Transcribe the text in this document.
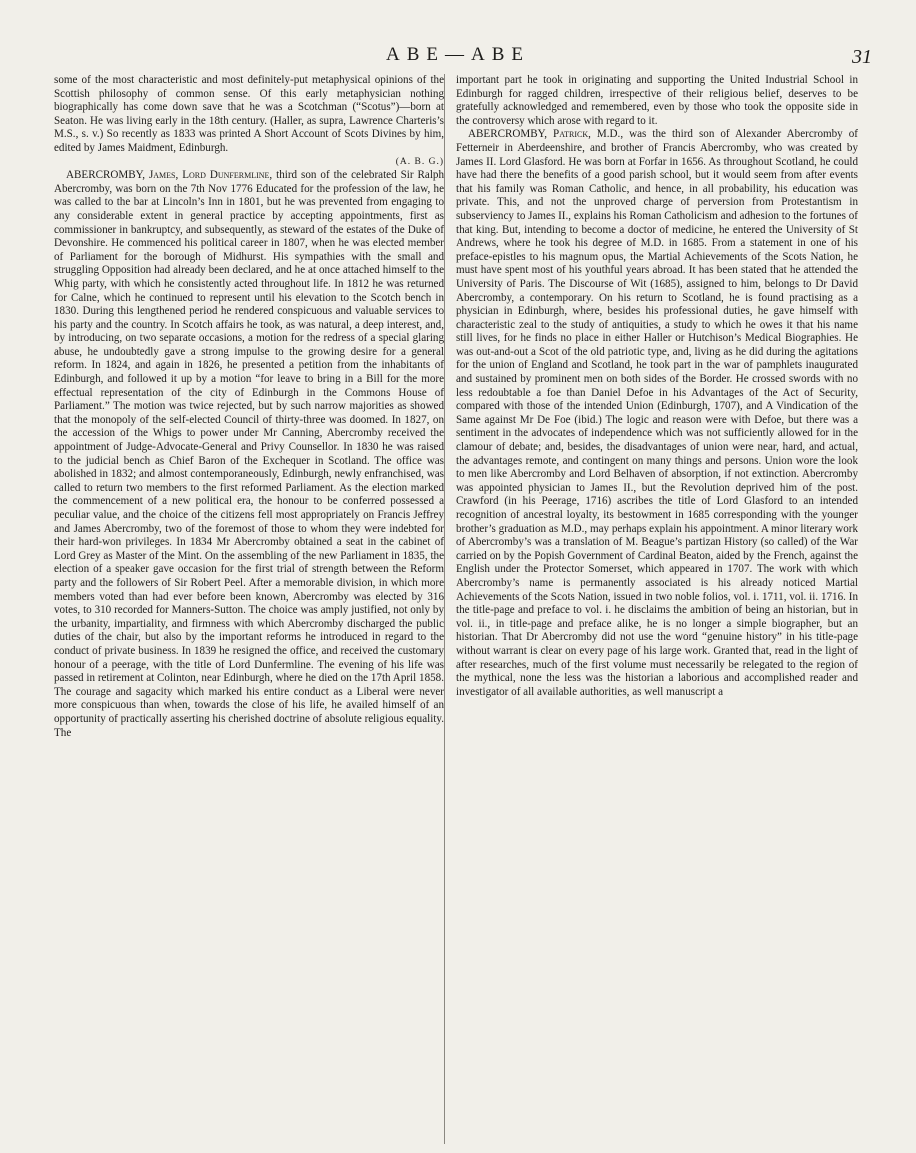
ABE—ABE	31

some of the most characteristic and most definitely-put metaphysical opinions of the Scottish philosophy of common sense. Of this early metaphysician nothing biographically has come down save that he was a Scotchman (“Scotus”)—born at Seaton. He was living early in the 18th century. (Haller, as supra, Lawrence Charteris’s M.S., s. v.) So recently as 1833 was printed A Short Account of Scots Divines by him, edited by James Maidment, Edinburgh.

(A. B. G.)

ABERCROMBY, James, Lord Dunfermline, third son of the celebrated Sir Ralph Abercromby, was born on the 7th Nov 1776 Educated for the profession of the law, he was called to the bar at Lincoln’s Inn in 1801, but he was prevented from engaging to any considerable extent in general practice by accepting appointments, first as commissioner in bankruptcy, and subsequently, as steward of the estates of the Duke of Devonshire. He commenced his political career in 1807, when he was elected member of Parliament for the borough of Midhurst. His sympathies with the small and struggling Opposition had already been declared, and he at once attached himself to the Whig party, with which he consistently acted throughout life. In 1812 he was returned for Calne, which he continued to represent until his elevation to the Scotch bench in 1830. During this lengthened period he rendered conspicuous and valuable services to his party and the country. In Scotch affairs he took, as was natural, a deep interest, and, by introducing, on two separate occasions, a motion for the redress of a special glaring abuse, he undoubtedly gave a strong impulse to the growing desire for a general reform. In 1824, and again in 1826, he presented a petition from the inhabitants of Edinburgh, and followed it up by a motion “for leave to bring in a Bill for the more effectual representation of the city of Edinburgh in the Commons House of Parliament.” The motion was twice rejected, but by such narrow majorities as showed that the monopoly of the self-elected Council of thirty-three was doomed. In 1827, on the accession of the Whigs to power under Mr Canning, Abercromby received the appointment of Judge-Advocate-General and Privy Counsellor. In 1830 he was raised to the judicial bench as Chief Baron of the Exchequer in Scotland. The office was abolished in 1832; and almost contemporaneously, Edinburgh, newly enfranchised, was called to return two members to the first reformed Parliament. As the election marked the commencement of a new political era, the honour to be conferred possessed a peculiar value, and the choice of the citizens fell most appropriately on Francis Jeffrey and James Abercromby, two of the foremost of those to whom they were indebted for their hard-won privileges. In 1834 Mr Abercromby obtained a seat in the cabinet of Lord Grey as Master of the Mint. On the assembling of the new Parliament in 1835, the election of a speaker gave occasion for the first trial of strength between the Reform party and the followers of Sir Robert Peel. After a memorable division, in which more members voted than had ever before been known, Abercromby was elected by 316 votes, to 310 recorded for Manners-Sutton. The choice was amply justified, not only by the urbanity, impartiality, and firmness with which Abercromby discharged the public duties of the chair, but also by the important reforms he introduced in regard to the conduct of private business. In 1839 he resigned the office, and received the customary honour of a peerage, with the title of Lord Dunfermline. The evening of his life was passed in retirement at Colinton, near Edinburgh, where he died on the 17th April 1858. The courage and sagacity which marked his entire conduct as a Liberal were never more conspicuous than when, towards the close of his life, he availed himself of an opportunity of practically asserting his cherished doctrine of absolute religious equality. The

important part he took in originating and supporting the United Industrial School in Edinburgh for ragged children, irrespective of their religious belief, deserves to be gratefully acknowledged and remembered, even by those who took the opposite side in the controversy which arose with regard to it.

ABERCROMBY, Patrick, M.D., was the third son of Alexander Abercromby of Fetterneir in Aberdeenshire, and brother of Francis Abercromby, who was created by James II. Lord Glasford. He was born at Forfar in 1656. As throughout Scotland, he could have had there the benefits of a good parish school, but it would seem from after events that his family was Roman Catholic, and hence, in all probability, his education was private. This, and not the unproved charge of perversion from Protestantism in subserviency to James II., explains his Roman Catholicism and adhesion to the fortunes of that king. But, intending to become a doctor of medicine, he entered the University of St Andrews, where he took his degree of M.D. in 1685. From a statement in one of his preface-epistles to his magnum opus, the Martial Achievements of the Scots Nation, he must have spent most of his youthful years abroad. It has been stated that he attended the University of Paris. The Discourse of Wit (1685), assigned to him, belongs to Dr David Abercromby, a contemporary. On his return to Scotland, he is found practising as a physician in Edinburgh, where, besides his professional duties, he gave himself with characteristic zeal to the study of antiquities, a study to which he owes it that his name still lives, for he finds no place in either Haller or Hutchison’s Medical Biographies. He was out-and-out a Scot of the old patriotic type, and, living as he did during the agitations for the union of England and Scotland, he took part in the war of pamphlets inaugurated and sustained by prominent men on both sides of the Border. He crossed swords with no less redoubtable a foe than Daniel Defoe in his Advantages of the Act of Security, compared with those of the intended Union (Edinburgh, 1707), and A Vindication of the Same against Mr De Foe (ibid.) The logic and reason were with Defoe, but there was a sentiment in the advocates of independence which was not sufficiently allowed for in the clamour of debate; and, besides, the disadvantages of union were near, hard, and actual, the advantages remote, and contingent on many things and persons. Union wore the look to men like Abercromby and Lord Belhaven of absorption, if not extinction. Abercromby was appointed physician to James II., but the Revolution deprived him of the post. Crawford (in his Peerage, 1716) ascribes the title of Lord Glasford to an intended recognition of ancestral loyalty, its bestowment in 1685 corresponding with the younger brother’s graduation as M.D., may perhaps explain his appointment. A minor literary work of Abercromby’s was a translation of M. Beague’s partizan History (so called) of the War carried on by the Popish Government of Cardinal Beaton, aided by the French, against the English under the Protector Somerset, which appeared in 1707. The work with which Abercromby’s name is permanently associated is his already noticed Martial Achievements of the Scots Nation, issued in two noble folios, vol. i. 1711, vol. ii. 1716. In the title-page and preface to vol. i. he disclaims the ambition of being an historian, but in vol. ii., in title-page and preface alike, he is no longer a simple biographer, but an historian. That Dr Abercromby did not use the word “genuine history” in his title-page without warrant is clear on every page of his large work. Granted that, read in the light of after researches, much of the first volume must necessarily be relegated to the region of the mythical, none the less was the historian a laborious and accomplished reader and investigator of all available authorities, as well manuscript a
